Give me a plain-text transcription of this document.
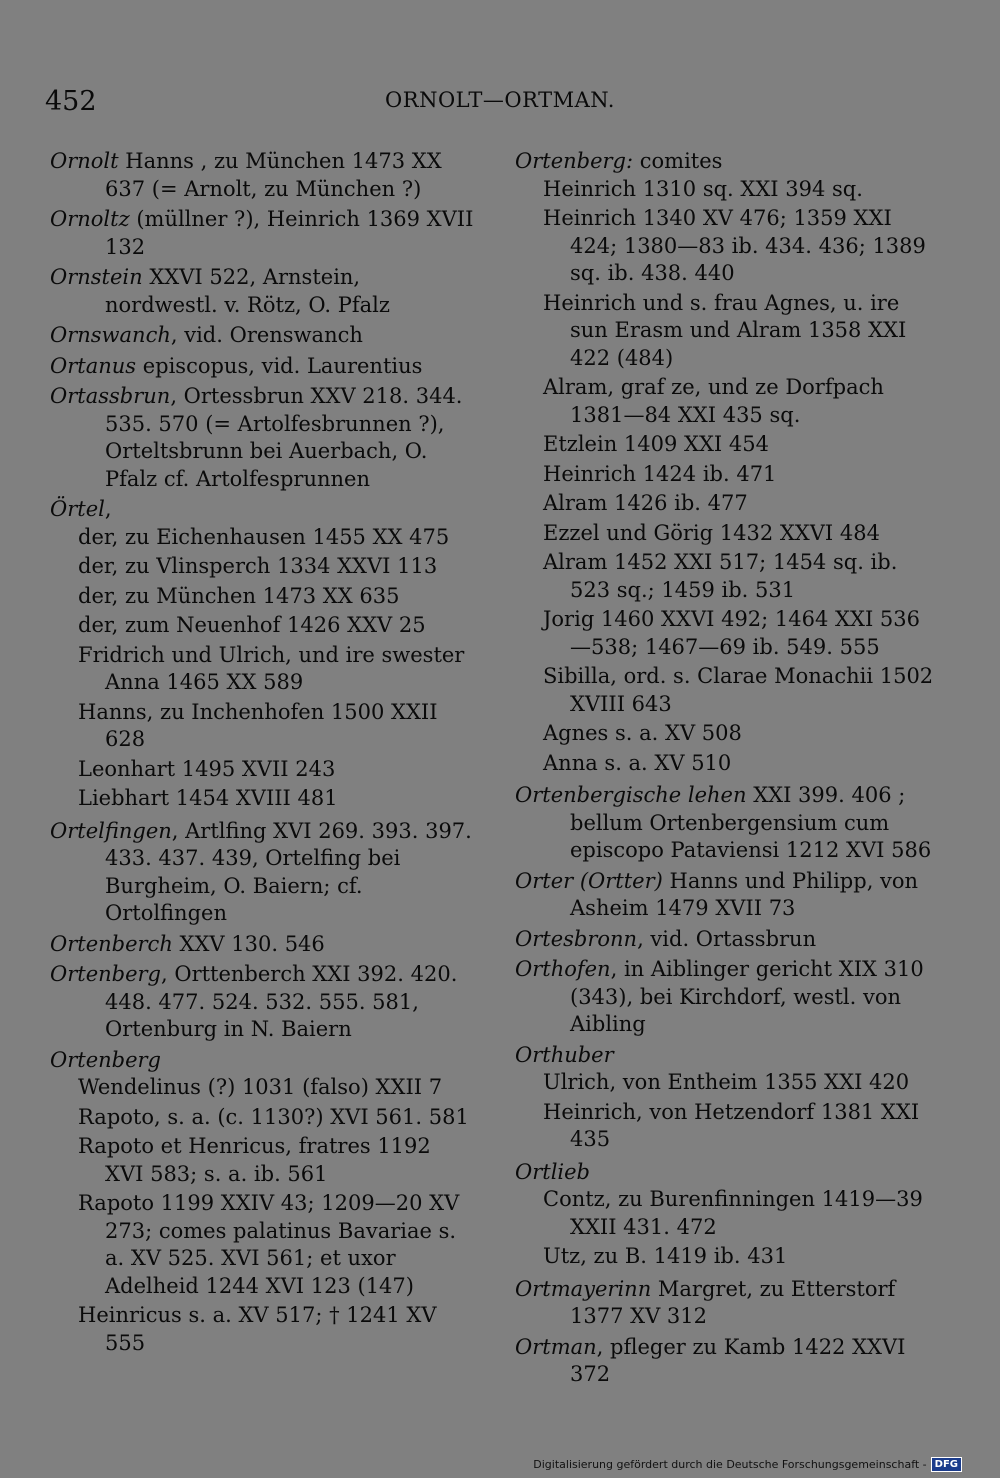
452	ORNOLT—ORTMAN.
Ornolt Hanns , zu München 1473 XX 637 (= Arnolt, zu München ?)
Ornoltz (müllner ?), Heinrich 1369 XVII 132
Ornstein XXVI 522, Arnstein, nordwestl. v. Rötz, O. Pfalz
Ornswanch, vid. Orenswanch
Ortanus episcopus, vid. Laurentius
Ortassbrun, Ortessbrun XXV 218. 344. 535. 570 (= Artolfesbrunnen ?), Orteltsbrunn bei Auerbach, O. Pfalz cf. Artolfesprunnen
Örtel,
der, zu Eichenhausen 1455 XX 475
der, zu Vlinsperch 1334 XXVI 113
der, zu München 1473 XX 635
der, zum Neuenhof 1426 XXV 25
Fridrich und Ulrich, und ire swester Anna 1465 XX 589
Hanns, zu Inchenhofen 1500 XXII 628
Leonhart 1495 XVII 243
Liebhart 1454 XVIII 481
Ortelfingen, Artlfing XVI 269. 393. 397. 433. 437. 439, Ortelfing bei Burgheim, O. Baiern; cf. Ortolfingen
Ortenberch XXV 130. 546
Ortenberg, Orttenberch XXI 392. 420. 448. 477. 524. 532. 555. 581, Ortenburg in N. Baiern
Ortenberg
Wendelinus (?) 1031 (falso) XXII 7
Rapoto, s. a. (c. 1130?) XVI 561. 581
Rapoto et Henricus, fratres 1192 XVI 583; s. a. ib. 561
Rapoto 1199 XXIV 43; 1209—20 XV 273; comes palatinus Bavariae s. a. XV 525. XVI 561; et uxor Adelheid 1244 XVI 123 (147)
Heinricus s. a. XV 517; † 1241 XV 555
Ortenberg: comites
Heinrich 1310 sq. XXI 394 sq.
Heinrich 1340 XV 476; 1359 XXI 424; 1380—83 ib. 434. 436; 1389 sq. ib. 438. 440
Heinrich und s. frau Agnes, u. ire sun Erasm und Alram 1358 XXI 422 (484)
Alram, graf ze, und ze Dorfpach 1381—84 XXI 435 sq.
Etzlein 1409 XXI 454
Heinrich 1424 ib. 471
Alram 1426 ib. 477
Ezzel und Görig 1432 XXVI 484
Alram 1452 XXI 517; 1454 sq. ib. 523 sq.; 1459 ib. 531
Jorig 1460 XXVI 492; 1464 XXI 536—538; 1467—69 ib. 549. 555
Sibilla, ord. s. Clarae Monachii 1502 XVIII 643
Agnes s. a. XV 508
Anna s. a. XV 510
Ortenbergische lehen XXI 399. 406 ; bellum Ortenbergensium cum episcopo Pataviensi 1212 XVI 586
Orter (Ortter) Hanns und Philipp, von Asheim 1479 XVII 73
Ortesbronn, vid. Ortassbrun
Orthofen, in Aiblinger gericht XIX 310 (343), bei Kirchdorf, westl. von Aibling
Orthuber
Ulrich, von Entheim 1355 XXI 420
Heinrich, von Hetzendorf 1381 XXI 435
Ortlieb
Contz, zu Burenfinningen 1419—39 XXII 431. 472
Utz, zu B. 1419 ib. 431
Ortmayerinn Margret, zu Etterstorf 1377 XV 312
Ortman, pfleger zu Kamb 1422 XXVI 372
Digitalisierung gefördert durch die Deutsche Forschungsgemeinschaft - DFG
